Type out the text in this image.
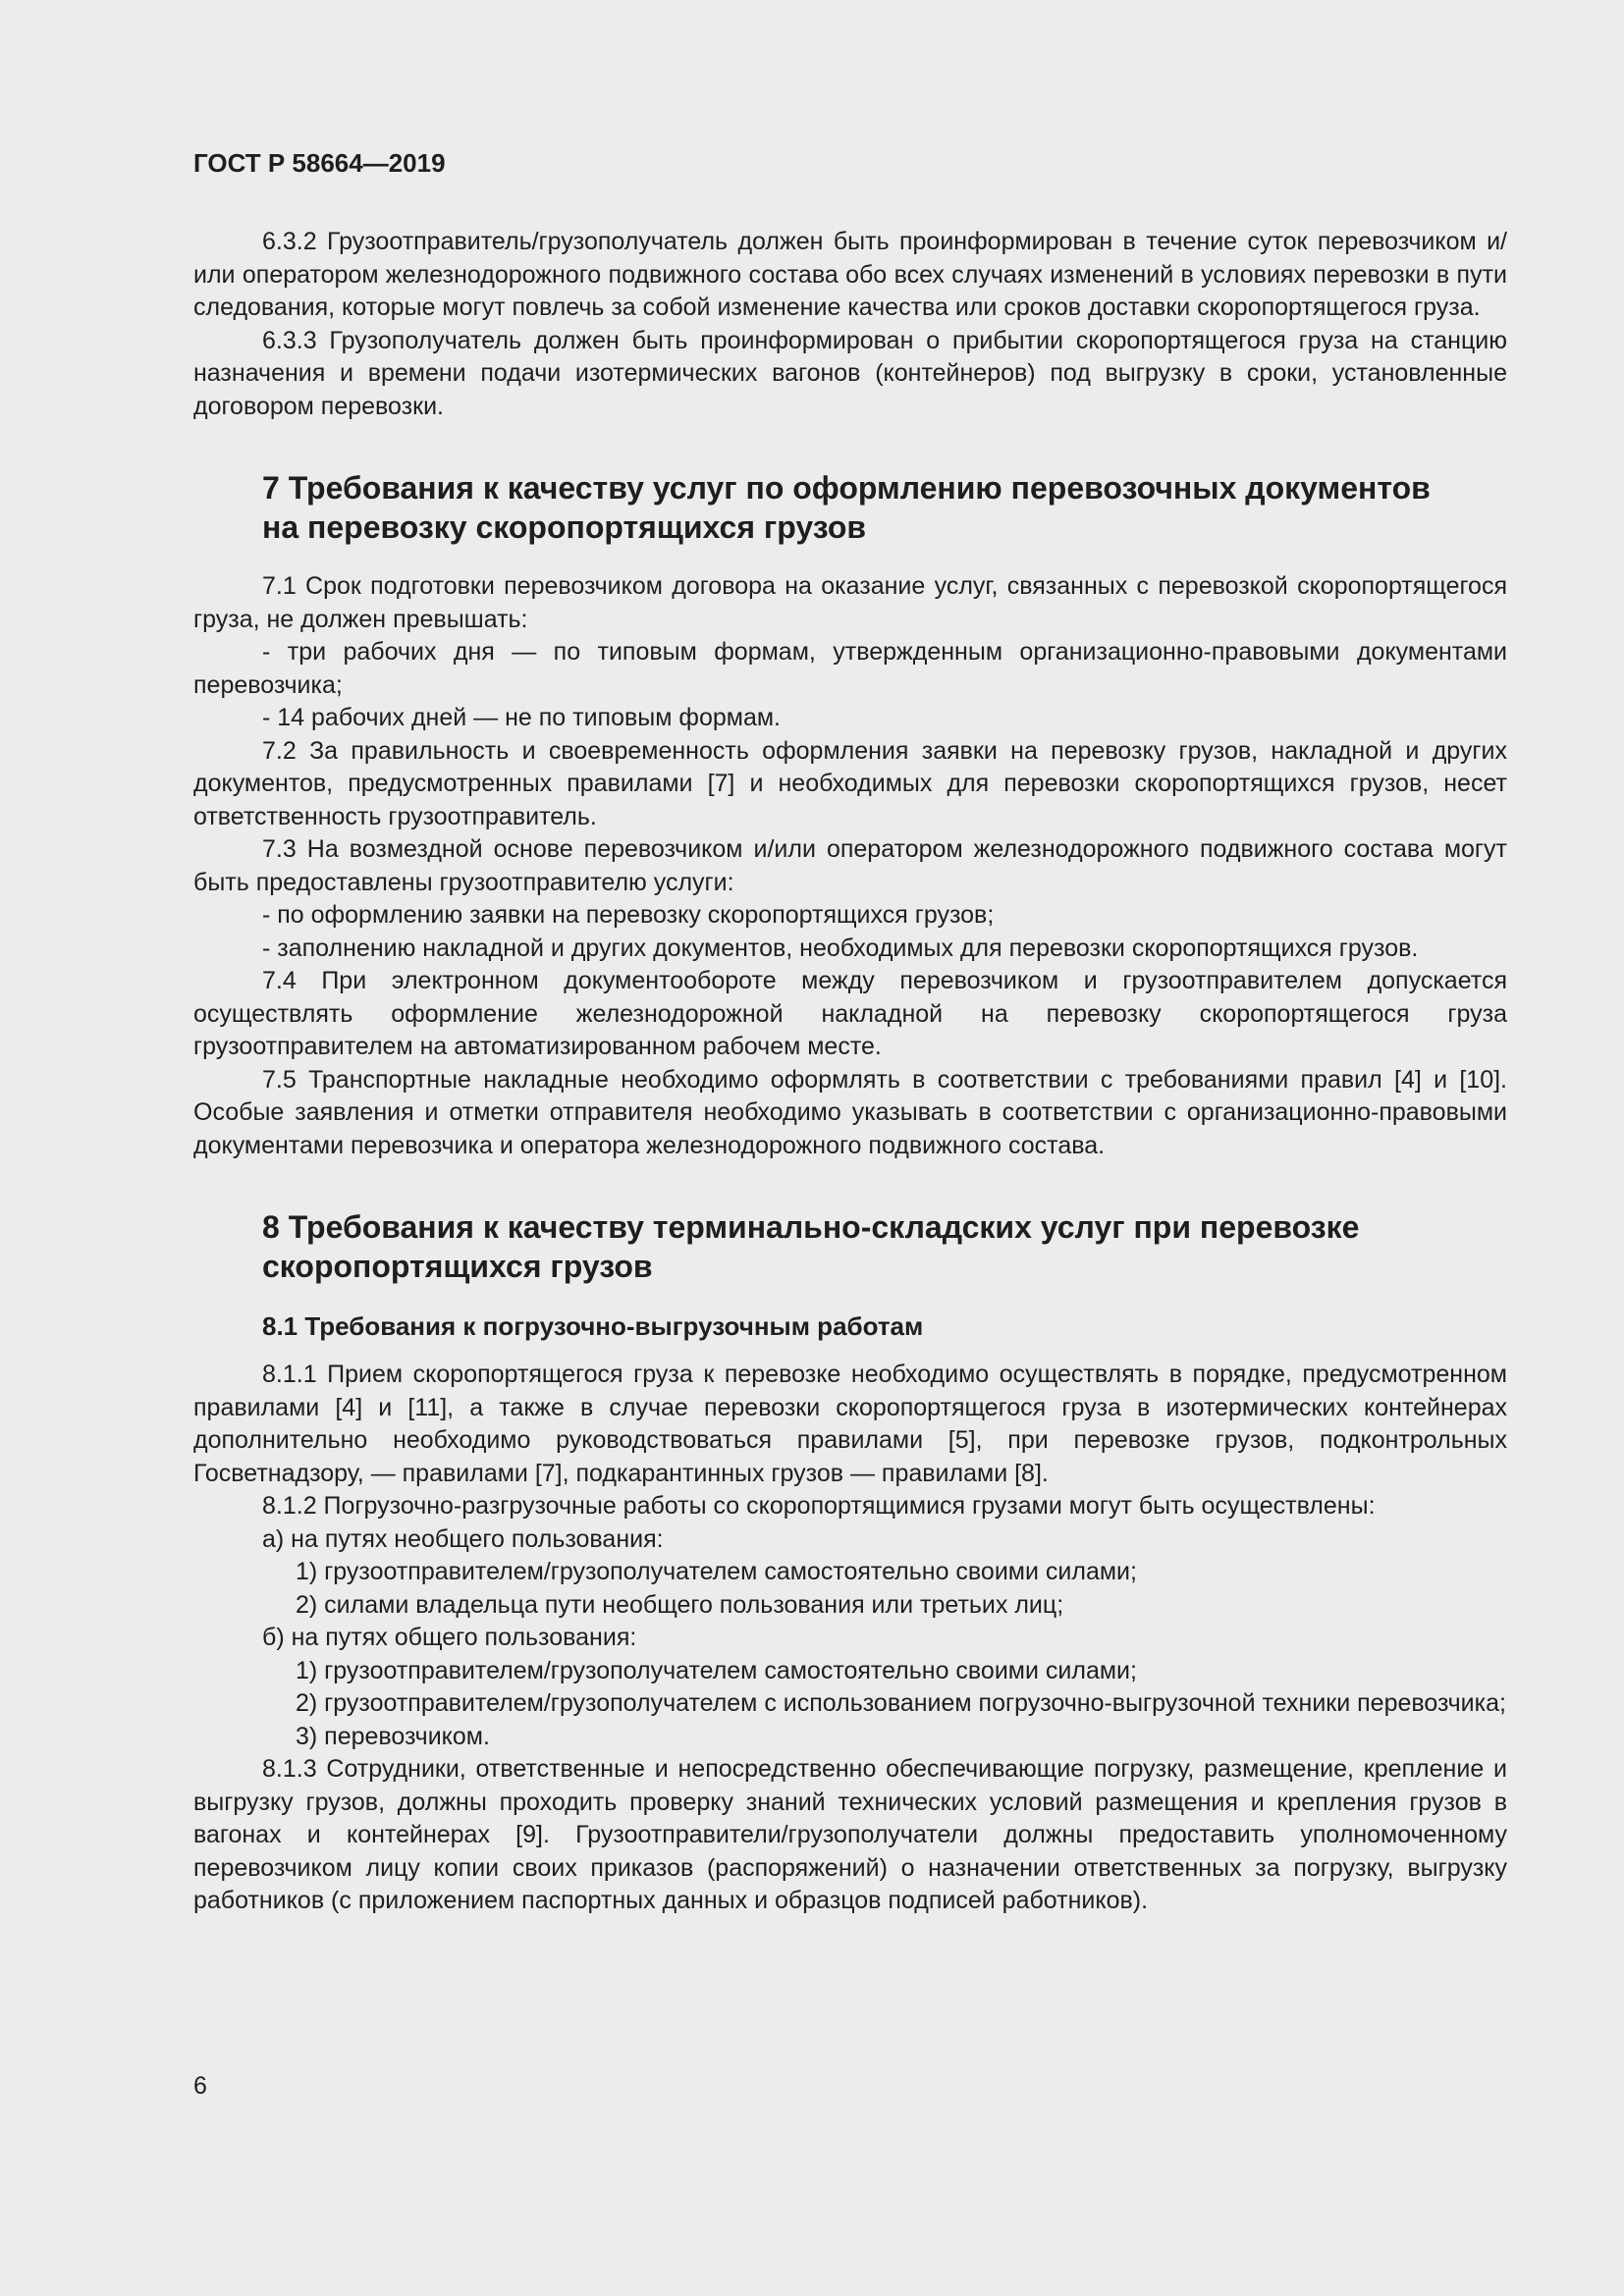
ГОСТ Р 58664—2019

6.3.2 Грузоотправитель/грузополучатель должен быть проинформирован в течение суток перевозчиком и/или оператором железнодорожного подвижного состава обо всех случаях изменений в условиях перевозки в пути следования, которые могут повлечь за собой изменение качества или сроков доставки скоропортящегося груза.

6.3.3 Грузополучатель должен быть проинформирован о прибытии скоропортящегося груза на станцию назначения и времени подачи изотермических вагонов (контейнеров) под выгрузку в сроки, установленные договором перевозки.

7 Требования к качеству услуг по оформлению перевозочных документов
на перевозку скоропортящихся грузов

7.1 Срок подготовки перевозчиком договора на оказание услуг, связанных с перевозкой скоропортящегося груза, не должен превышать:

- три рабочих дня — по типовым формам, утвержденным организационно-правовыми документами перевозчика;

- 14 рабочих дней — не по типовым формам.

7.2 За правильность и своевременность оформления заявки на перевозку грузов, накладной и других документов, предусмотренных правилами [7] и необходимых для перевозки скоропортящихся грузов, несет ответственность грузоотправитель.

7.3 На возмездной основе перевозчиком и/или оператором железнодорожного подвижного состава могут быть предоставлены грузоотправителю услуги:

- по оформлению заявки на перевозку скоропортящихся грузов;

- заполнению накладной и других документов, необходимых для перевозки скоропортящихся грузов.

7.4 При электронном документообороте между перевозчиком и грузоотправителем допускается осуществлять оформление железнодорожной накладной на перевозку скоропортящегося груза грузоотправителем на автоматизированном рабочем месте.

7.5 Транспортные накладные необходимо оформлять в соответствии с требованиями правил [4] и [10]. Особые заявления и отметки отправителя необходимо указывать в соответствии с организационно-правовыми документами перевозчика и оператора железнодорожного подвижного состава.

8 Требования к качеству терминально-складских услуг при перевозке
скоропортящихся грузов
8.1 Требования к погрузочно-выгрузочным работам

8.1.1 Прием скоропортящегося груза к перевозке необходимо осуществлять в порядке, предусмотренном правилами [4] и [11], а также в случае перевозки скоропортящегося груза в изотермических контейнерах дополнительно необходимо руководствоваться правилами [5], при перевозке грузов, подконтрольных Госветнадзору, — правилами [7], подкарантинных грузов — правилами [8].

8.1.2 Погрузочно-разгрузочные работы со скоропортящимися грузами могут быть осуществлены:

а) на путях необщего пользования:

1) грузоотправителем/грузополучателем самостоятельно своими силами;

2) силами владельца пути необщего пользования или третьих лиц;

б) на путях общего пользования:

1) грузоотправителем/грузополучателем самостоятельно своими силами;

2) грузоотправителем/грузополучателем с использованием погрузочно-выгрузочной техники перевозчика;

3) перевозчиком.

8.1.3 Сотрудники, ответственные и непосредственно обеспечивающие погрузку, размещение, крепление и выгрузку грузов, должны проходить проверку знаний технических условий размещения и крепления грузов в вагонах и контейнерах [9]. Грузоотправители/грузополучатели должны предоставить уполномоченному перевозчиком лицу копии своих приказов (распоряжений) о назначении ответственных за погрузку, выгрузку работников (с приложением паспортных данных и образцов подписей работников).

6
